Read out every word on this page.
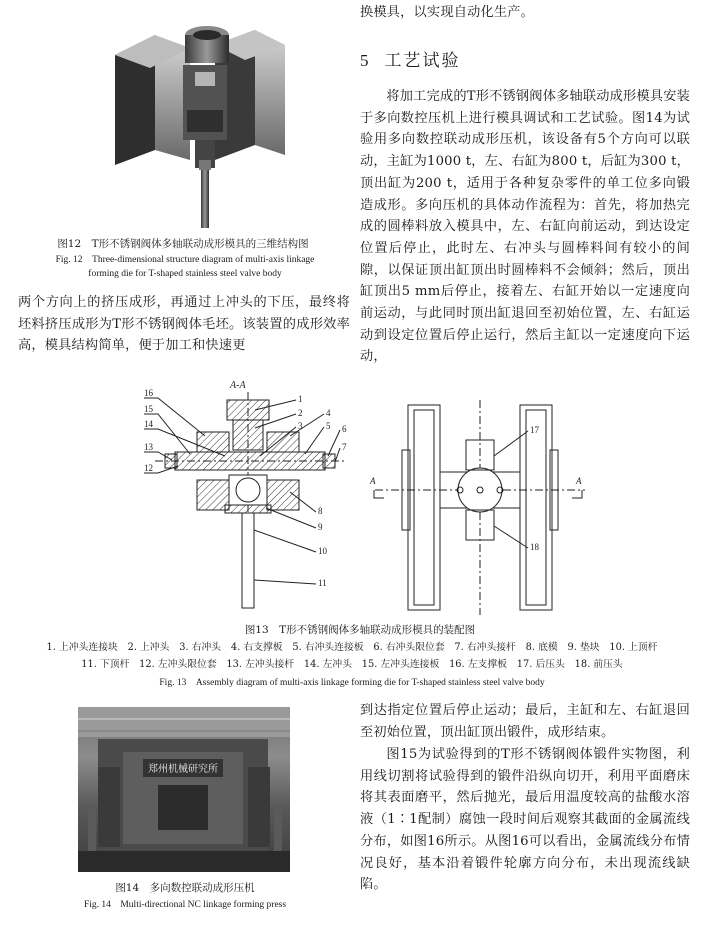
图12　T形不锈钢阀体多轴联动成形模具的三维结构图

Fig. 12　Three-dimensional structure diagram of multi-axis linkage forming die for T-shaped stainless steel valve body

两个方向上的挤压成形，再通过上冲头的下压，最终将坯料挤压成形为T形不锈钢阀体毛坯。该装置的成形效率高，模具结构简单，便于加工和快速更

换模具，以实现自动化生产。

5 工艺试验

将加工完成的T形不锈钢阀体多轴联动成形模具安装于多向数控压机上进行模具调试和工艺试验。图14为试验用多向数控联动成形压机，该设备有5个方向可以联动，主缸为1000 t，左、右缸为800 t，后缸为300 t，顶出缸为200 t，适用于各种复杂零件的单工位多向锻造成形。多向压机的具体动作流程为：首先，将加热完成的圆棒料放入模具中，左、右缸向前运动，到达设定位置后停止，此时左、右冲头与圆棒料间有较小的间隙，以保证顶出缸顶出时圆棒料不会倾斜；然后，顶出缸顶出5 mm后停止，接着左、右缸开始以一定速度向前运动，与此同时顶出缸退回至初始位置，左、右缸运动到设定位置后停止运行，然后主缸以一定速度向下运动，

A-A
16
15
14
13
12
1
2
3
4
5 6
7
8
9
10
11
A	A
17
18

图13　T形不锈钢阀体多轴联动成形模具的装配图

1. 上冲头连接块　2. 上冲头　3. 右冲头　4. 右支撑板　5. 右冲头连接板　6. 右冲头限位套　7. 右冲头接杆　8. 底模　9. 垫块　10. 上顶杆

11. 下顶杆　12. 左冲头限位套　13. 左冲头接杆　14. 左冲头　15. 左冲头连接板　16. 左支撑板　17. 后压头　18. 前压头

Fig. 13　Assembly diagram of multi-axis linkage forming die for T-shaped stainless steel valve body

郑州机械研究所

图14　多向数控联动成形压机

Fig. 14　Multi-directional NC linkage forming press

到达指定位置后停止运动；最后，主缸和左、右缸退回至初始位置，顶出缸顶出锻件，成形结束。

图15为试验得到的T形不锈钢阀体锻件实物图，利用线切割将试验得到的锻件沿纵向切开，利用平面磨床将其表面磨平，然后抛光，最后用温度较高的盐酸水溶液（1∶1配制）腐蚀一段时间后观察其截面的金属流线分布，如图16所示。从图16可以看出，金属流线分布情况良好，基本沿着锻件轮廓方向分布，未出现流线缺陷。
